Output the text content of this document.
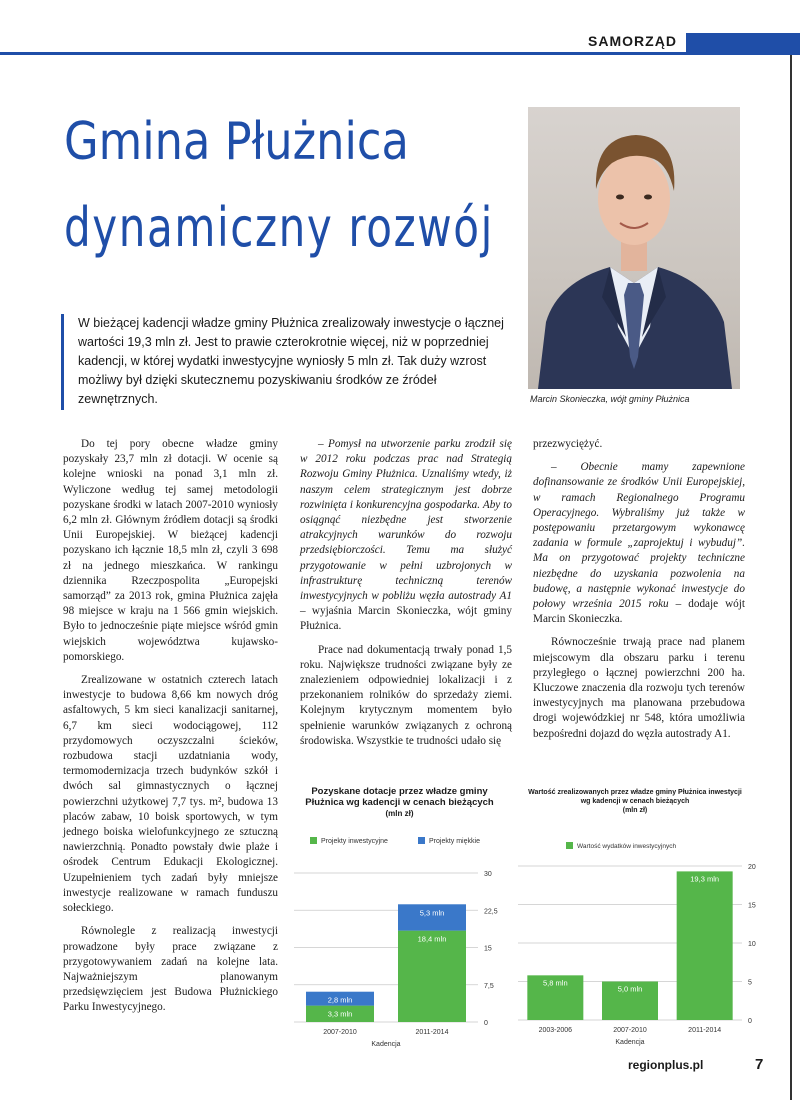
SAMORZĄD
Gmina Płużnica
dynamiczny rozwój
Marcin Skonieczka, wójt gminy Płużnica
W bieżącej kadencji władze gminy Płużnica zrealizowały inwestycje o łącznej wartości 19,3 mln zł. Jest to prawie czterokrotnie więcej, niż w poprzedniej kadencji, w której wydatki inwestycyjne wyniosły 5 mln zł. Tak duży wzrost możliwy był dzięki skutecznemu pozyskiwaniu środków ze źródeł zewnętrznych.

Do tej pory obecne władze gminy pozyskały 23,7 mln zł dotacji. W ocenie są kolejne wnioski na ponad 3,1 mln zł. Wyliczone według tej samej metodologii pozyskane środki w latach 2007-2010 wyniosły 6,2 mln zł. Głównym źródłem dotacji są środki Unii Europejskiej. W bieżącej kadencji pozyskano ich łącznie 18,5 mln zł, czyli 3 698 zł na jednego mieszkańca. W rankingu dziennika Rzeczpospolita „Europejski samorząd” za 2013 rok, gmina Płużnica zajęła 98 miejsce w kraju na 1 566 gmin wiejskich. Było to jednocześnie piąte miejsce wśród gmin wiejskich województwa kujawsko-pomorskiego.

Zrealizowane w ostatnich czterech latach inwestycje to budowa 8,66 km nowych dróg asfaltowych, 5 km sieci kanalizacji sanitarnej, 6,7 km sieci wodociągowej, 112 przydomowych oczyszczalni ścieków, rozbudowa stacji uzdatniania wody, termomodernizacja trzech budynków szkół i dwóch sal gimnastycznych o łącznej powierzchni użytkowej 7,7 tys. m², budowa 13 placów zabaw, 10 boisk sportowych, w tym jednego boiska wielofunkcyjnego ze sztuczną nawierzchnią. Ponadto powstały dwie plaże i ośrodek Centrum Edukacji Ekologicznej. Uzupełnieniem tych zadań były mniejsze inwestycje realizowane w ramach funduszu sołeckiego.

Równolegle z realizacją inwestycji prowadzone były prace związane z przygotowywaniem zadań na kolejne lata. Najważniejszym planowanym przedsięwzięciem jest Budowa Płużnickiego Parku Inwestycyjnego.

– Pomysł na utworzenie parku zrodził się w 2012 roku podczas prac nad Strategią Rozwoju Gminy Płużnica. Uznaliśmy wtedy, iż naszym celem strategicznym jest dobrze rozwinięta i konkurencyjna gospodarka. Aby to osiągnąć niezbędne jest stworzenie atrakcyjnych warunków do rozwoju przedsiębiorczości. Temu ma służyć przygotowanie w pełni uzbrojonych w infrastrukturę techniczną terenów inwestycyjnych w pobliżu węzła autostrady A1 – wyjaśnia Marcin Skonieczka, wójt gminy Płużnica.

Prace nad dokumentacją trwały ponad 1,5 roku. Największe trudności związane były ze znalezieniem odpowiedniej lokalizacji i z przekonaniem rolników do sprzedaży ziemi. Kolejnym krytycznym momentem było spełnienie warunków związanych z ochroną środowiska. Wszystkie te trudności udało się

przezwyciężyć.

– Obecnie mamy zapewnione dofinansowanie ze środków Unii Europejskiej, w ramach Regionalnego Programu Operacyjnego. Wybraliśmy już także w postępowaniu przetargowym wykonawcę zadania w formule „zaprojektuj i wybuduj”. Ma on przygotować projekty techniczne niezbędne do uzyskania pozwolenia na budowę, a następnie wykonać inwestycje do połowy września 2015 roku – dodaje wójt Marcin Skonieczka.

Równocześnie trwają prace nad planem miejscowym dla obszaru parku i terenu przyległego o łącznej powierzchni 200 ha. Kluczowe znaczenia dla rozwoju tych terenów inwestycyjnych ma planowana przebudowa drogi wojewódzkiej nr 548, która umożliwia bezpośredni dojazd do węzła autostrady A1.

Pozyskane dotacje przez władze gminy
Płużnica wg kadencji w cenach bieżących
(mln zł)
Projekty inwestycyjne	Projekty miękkie
0
7,5
15
22,5
30
3,3 mln
2,8 mln
2007-2010
18,4 mln
5,3 mln
2011-2014
Kadencja
Wartość zrealizowanych przez władze gminy Płużnica inwestycji
wg kadencji w cenach bieżących
(mln zł)
Wartość wydatków inwestycyjnych
0
5
10
15
20
5,8 mln
2003-2006
5,0 mln
2007-2010
19,3 mln
2011-2014
Kadencja
regionplus.pl	7
